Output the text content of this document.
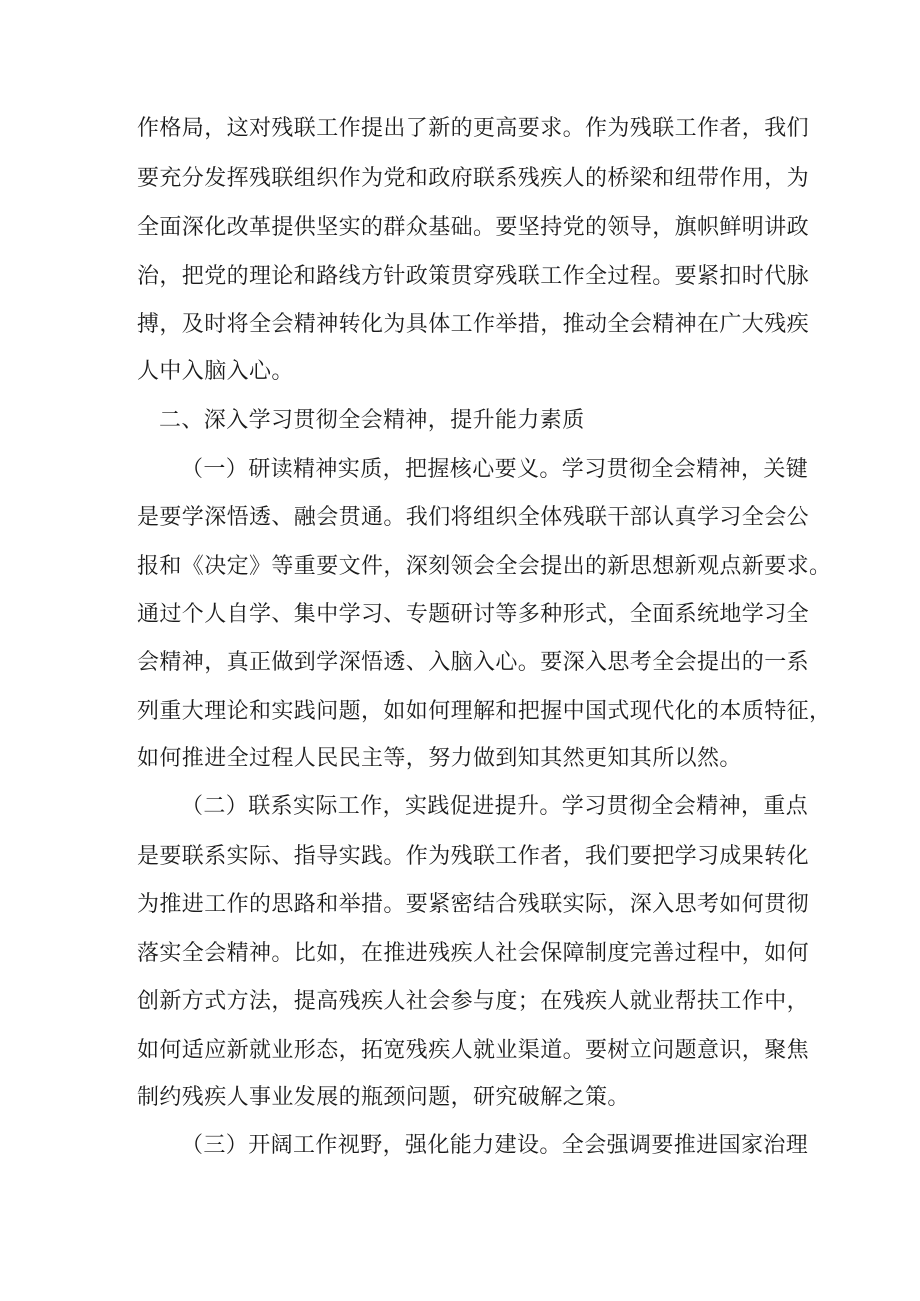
作格局，这对残联工作提出了新的更高要求。作为残联工作者，我们
要充分发挥残联组织作为党和政府联系残疾人的桥梁和纽带作用，为
全面深化改革提供坚实的群众基础。要坚持党的领导，旗帜鲜明讲政
治，把党的理论和路线方针政策贯穿残联工作全过程。要紧扣时代脉
搏，及时将全会精神转化为具体工作举措，推动全会精神在广大残疾
人中入脑入心。
二、深入学习贯彻全会精神，提升能力素质
（一）研读精神实质，把握核心要义。学习贯彻全会精神，关键
是要学深悟透、融会贯通。我们将组织全体残联干部认真学习全会公
报和《决定》等重要文件，深刻领会全会提出的新思想新观点新要求。
通过个人自学、集中学习、专题研讨等多种形式，全面系统地学习全
会精神，真正做到学深悟透、入脑入心。要深入思考全会提出的一系
列重大理论和实践问题，如如何理解和把握中国式现代化的本质特征，
如何推进全过程人民民主等，努力做到知其然更知其所以然。
（二）联系实际工作，实践促进提升。学习贯彻全会精神，重点
是要联系实际、指导实践。作为残联工作者，我们要把学习成果转化
为推进工作的思路和举措。要紧密结合残联实际，深入思考如何贯彻
落实全会精神。比如，在推进残疾人社会保障制度完善过程中，如何
创新方式方法，提高残疾人社会参与度；在残疾人就业帮扶工作中，
如何适应新就业形态，拓宽残疾人就业渠道。要树立问题意识，聚焦
制约残疾人事业发展的瓶颈问题，研究破解之策。
（三）开阔工作视野，强化能力建设。全会强调要推进国家治理
